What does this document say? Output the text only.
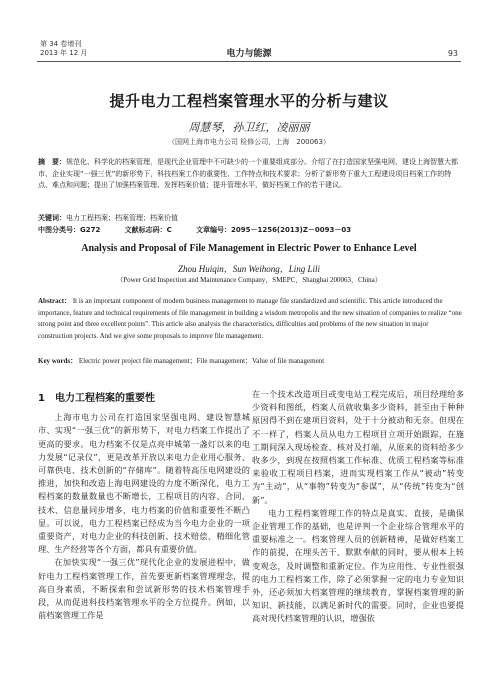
第 34 卷增刊
2013 年 12 月	电力与能源	93
提升电力工程档案管理水平的分析与建议
周慧琴，孙卫红，凌丽丽
（国网上海市电力公司 检修公司，上海　200063）
摘　要：规范化、科学化的档案管理，是现代企业管理中不可缺少的一个重要组成部分。介绍了在打造国家坚强电网、建设上海智慧大都市、企业实现“一强三优”的新形势下，科技档案工作的重要性、工作特点和技术要求；分析了新形势下重大工程建设项目档案工作的特点、难点和问题；提出了加强档案管理、发挥档案价值；提升管理水平，做好档案工作的若干建议。
关键词：电力工程档案；档案管理；档案价值
中图分类号：G272	文献标志码：C	文章编号：2095－1256(2013)Z－0093－03
Analysis and Proposal of File Management in Electric Power to Enhance Level
Zhou Huiqin，Sun Weihong，Ling Lili
（Power Grid Inspection and Maintenance Company，SMEPC，Shanghai 200063，China）
Abstract： It is an important component of modern business management to manage file standardized and scientific. This article introduced the importance, feature and technical requirements of file management in building a wisdom metropolis and the new situation of companies to realize “one strong point and three excellent points”. This article also analysis the characteristics, difficulties and problems of the new situation in major construction projects. And we give some proposals to improve file management.
Key words： Electric power project file management；File management；Value of file management
1　电力工程档案的重要性

上海市电力公司在打造国家坚强电网、建设智慧城市、实现“一强三优”的新形势下，对电力档案工作提出了更高的要求。电力档案不仅是点亮申城第一盏灯以来的电力发展“记录仪”，更是改革开放以来电力企业用心服务、可靠供电、技术创新的“存储库”。随着特高压电网建设的推进，加快和改造上海电网建设的力度不断深化，电力工程档案的数量数量也不断增长，工程项目的内容、合同、技术、信息量同步增多，电力档案的价值和重要性不断凸显。可以说，电力工程档案已经成为当今电力企业的一项重要资产，对电力企业的科技创新、技术赔偿、精细化管理、生产经营等各个方面，都具有重要价值。

在加快实现“一强三优”现代化企业的发展进程中，做好电力工程档案管理工作，首先要更新档案管理理念，提高自身素质，不断探索和尝试新形势的技术档案管理手段，从而促进科技档案管理水平的全方位提升。例如，以前档案管理工作是

在一个技术改造项目或变电站工程完成后，项目经理给多少资料和图纸，档案人员就收集多少资料，甚至由于种种原因得不到在建项目资料，处于十分被动和无奈。但现在不一样了，档案人员从电力工程项目立项开始跟踪，在施工期间深入现场检查、核对及打端，从原来的资料给多少收多少，到现在按照档案工作标准、优质工程档案等标准来验收工程项目档案，进而实现档案工作从“被动”转变为“主动”，从“事物”转变为“参谋”，从“传统”转变为“创新”。

电力工程档案管理工作的特点是真实、直接，是确保企业管理工作的基础，也是评判一个企业综合管理水平的重要标准之一。档案管理人员的创新精神，是做好档案工作的前提，在埋头苦干、默默奉献的同时，要从根本上转变观念，及时调整和重新定位。作为应用性、专业性很强的电力工程档案工作，除了必须掌握一定的电力专业知识外，还必须加大档案管理的继续教育，掌握档案管理的新知识、新技能，以满足新时代的需要。同时，企业也要提高对现代档案管理的认识，增强依
